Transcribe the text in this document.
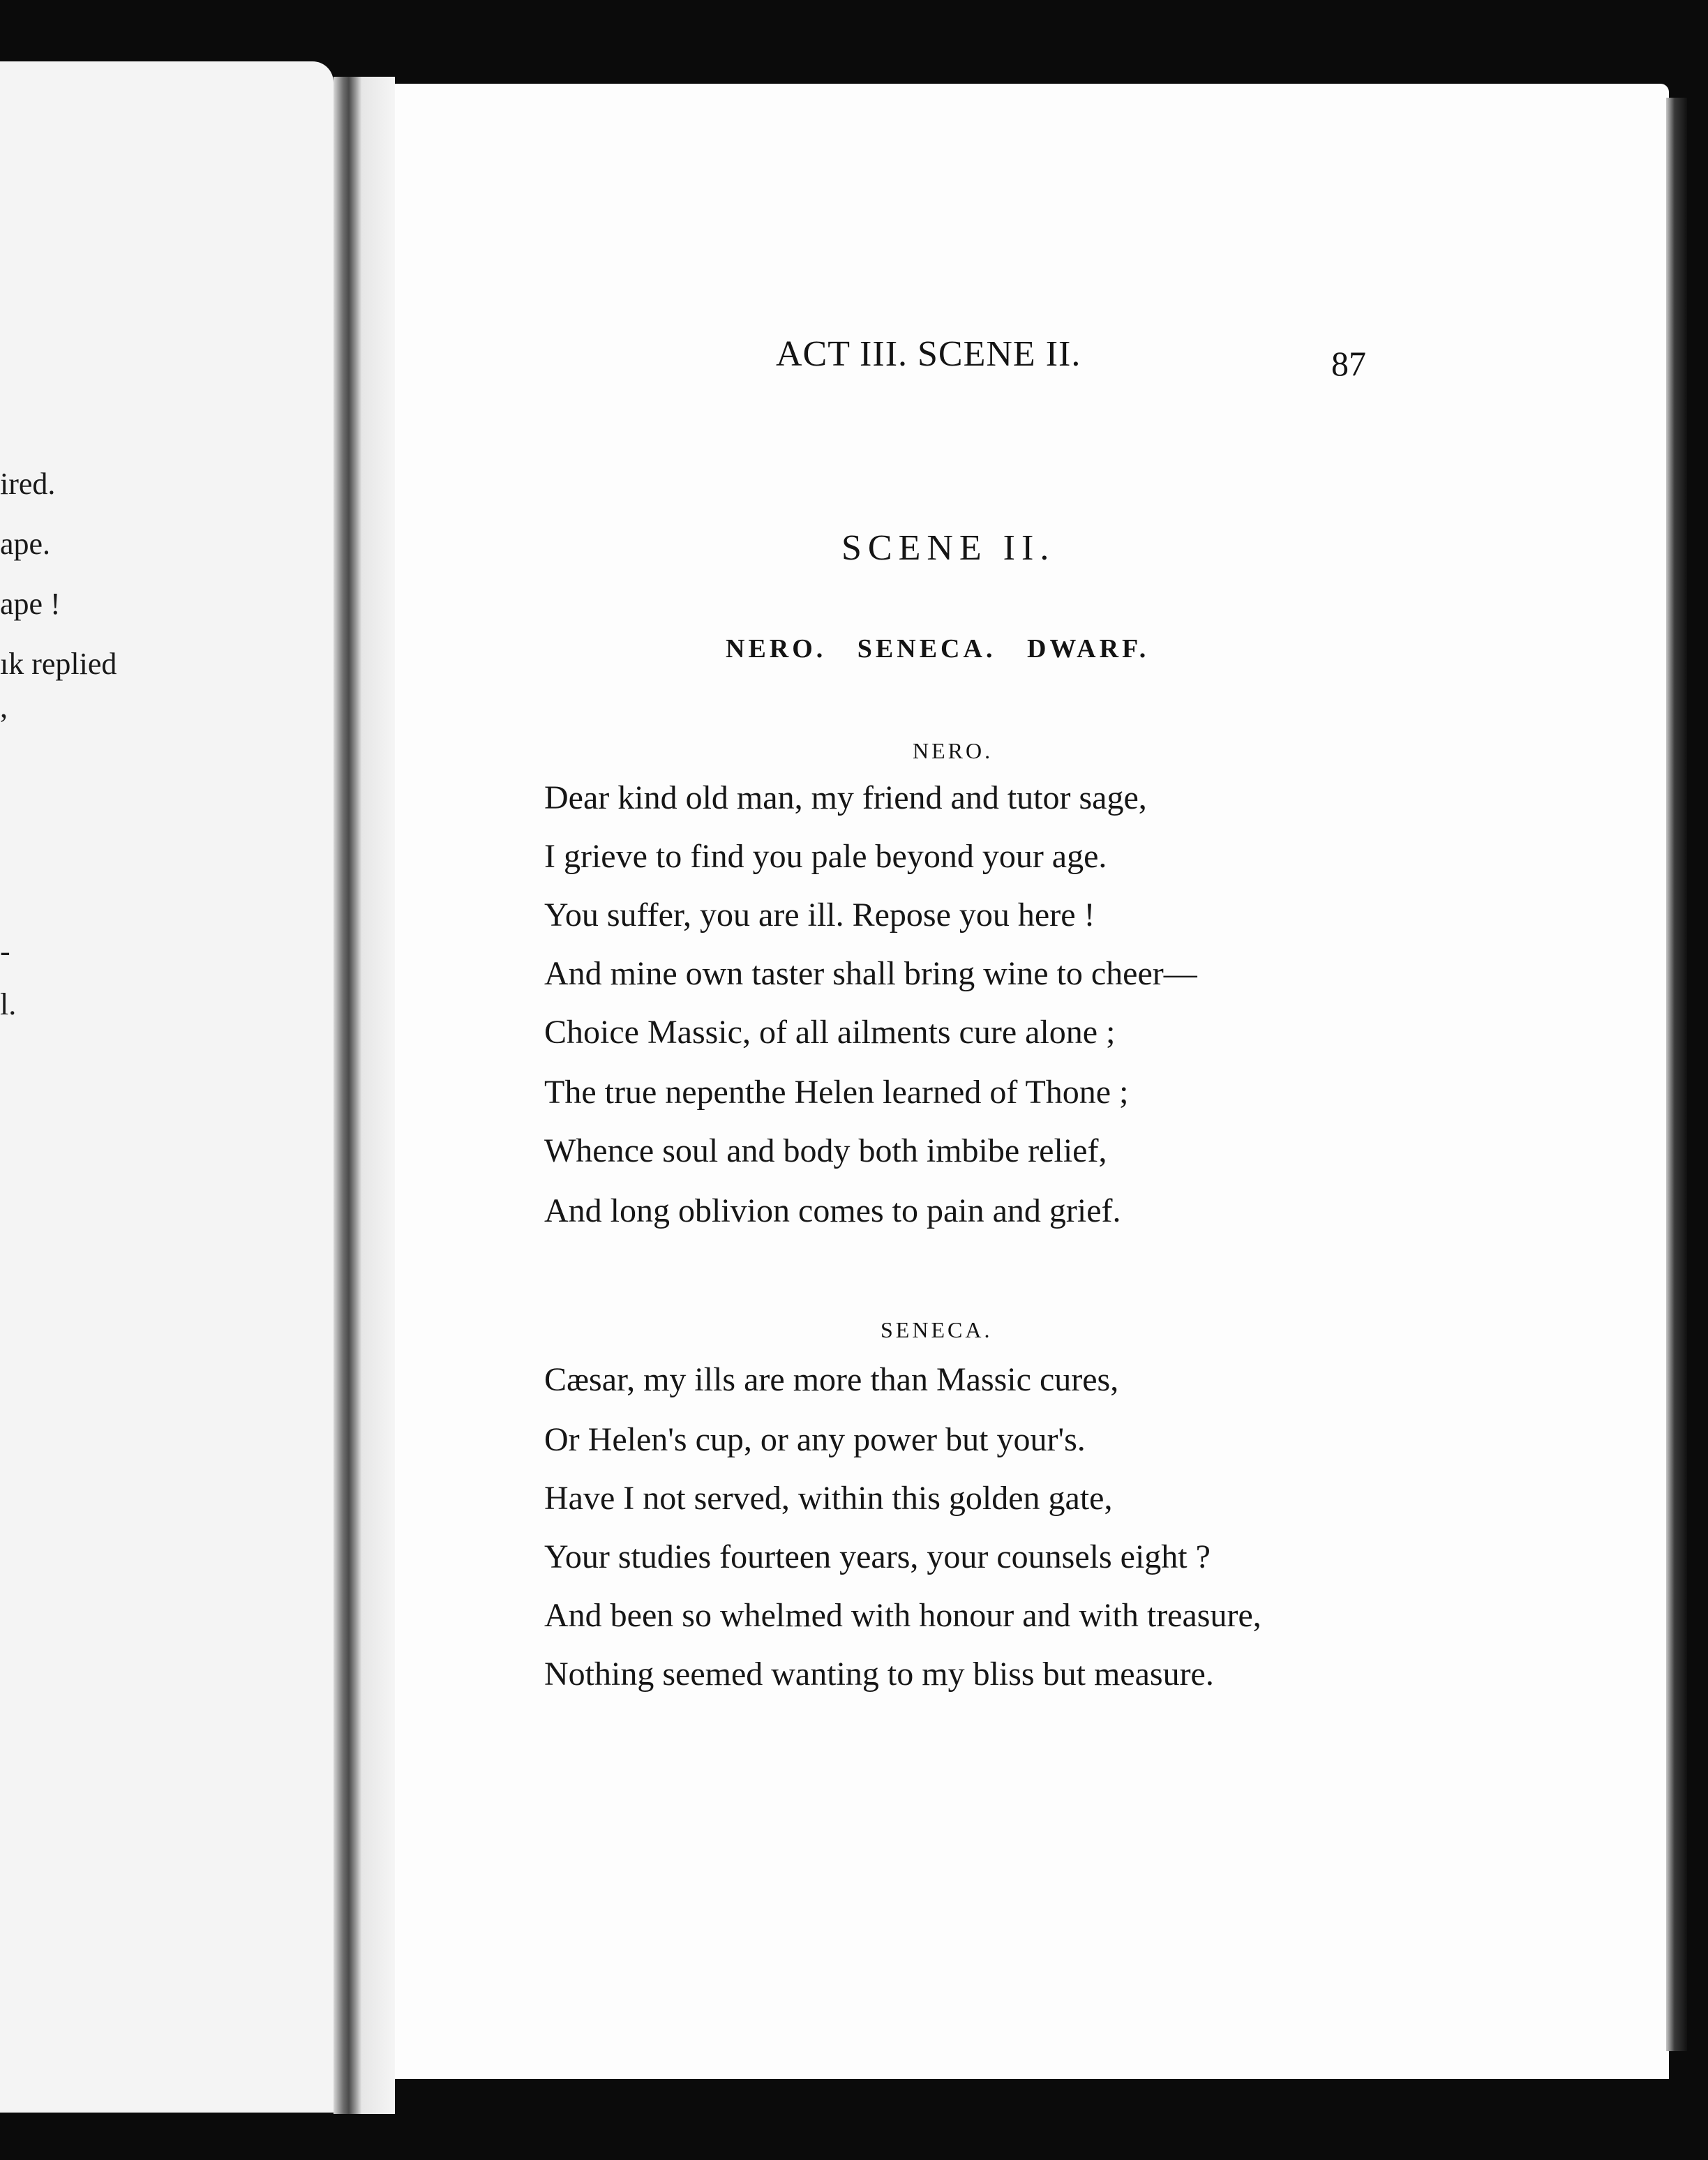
ired.
ape.
ape !
ık replied
,
-
l.
ACT III. SCENE II.	87
SCENE II.
NERO. SENECA. DWARF.
NERO.
Dear kind old man, my friend and tutor sage,
I grieve to find you pale beyond your age.
You suffer, you are ill. Repose you here !
And mine own taster shall bring wine to cheer—
Choice Massic, of all ailments cure alone ;
The true nepenthe Helen learned of Thone ;
Whence soul and body both imbibe relief,
And long oblivion comes to pain and grief.
SENECA.
Cæsar, my ills are more than Massic cures,
Or Helen's cup, or any power but your's.
Have I not served, within this golden gate,
Your studies fourteen years, your counsels eight ?
And been so whelmed with honour and with treasure,
Nothing seemed wanting to my bliss but measure.
